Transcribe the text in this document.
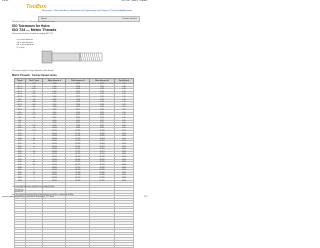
1/6/12	ISO Fits · Metric Threads
TooBox
Resources, Tools and Basic Information for Engineering and Design of Technical Applications!
Home	Custom Search
Related Topics » Dimensions of bolts & nuts
ISO Tolerances for Holes
ISO 724 — Metric Threads
Dimensions of metric threads according ISO 724
• d = major diameter
• d2 = pitch diameter
• d1 = minor diameter
• P = pitch
The basic length d = major diameter of the thread
Metric Threads - Coarse thread series
Thread	Pitch P (mm)	Major diameter d	Pitch diameter d2	Minor diameter d1	Tap drill (mm)
M 1	0.25	1.000	0.838	0.729	0.75
M 1.1	0.25	1.100	0.938	0.829	0.85
M 1.2	0.25	1.200	1.038	0.929	0.95
M 1.4	0.3	1.400	1.205	1.075	1.10
M 1.6	0.35	1.600	1.373	1.221	1.25
M 1.8	0.35	1.800	1.573	1.421	1.45
M 2	0.4	2.000	1.740	1.567	1.60
M 2.2	0.45	2.200	1.908	1.713	1.75
M 2.5	0.45	2.500	2.208	2.013	2.05
M 3	0.5	3.000	2.675	2.459	2.50
M 3.5	0.6	3.500	3.110	2.850	2.90
M 4	0.7	4.000	3.545	3.242	3.30
M 4.5	0.75	4.500	4.013	3.688	3.70
M 5	0.8	5.000	4.480	4.134	4.20
M 6	1	6.000	5.350	4.917	5.00
M 7	1	7.000	6.350	5.917	6.00
M 8	1.25	8.000	7.188	6.647	6.80
M 10	1.5	10.000	9.026	8.376	8.50
M 12	1.75	12.000	10.863	10.106	10.20
M 14	2	14.000	12.701	11.835	12.00
M 16	2	16.000	14.701	13.835	14.00
M 18	2.5	18.000	16.376	15.294	15.50
M 20	2.5	20.000	18.376	17.294	17.50
M 22	2.5	22.000	20.376	19.294	19.50
M 24	3	24.000	22.051	20.752	21.00
M 27	3	27.000	25.051	23.752	24.00
M 30	3.5	30.000	27.727	26.211	26.50
M 33	3.5	33.000	30.727	29.211	29.50
M 36	4	36.000	33.402	31.670	32.00
M 39	4	39.000	36.402	34.670	35.00
M 42	4.5	42.000	39.077	37.129	37.50
M 45	4.5	45.000	42.077	40.129	40.50
M 48	5	48.000	44.752	42.587	43.00
M 52	5	52.000	48.752	46.587	47.00
M 56	5.5	56.000	52.428	50.046	50.50
M 60	5.5	60.000	56.428	54.046	54.50
M 64	6	64.000	60.103	57.505	58.00
M 68	6	68.000	64.103	61.505	62.00

The common tolerance used for the standard bolts:
• outside 6g
• inside 6H
For the selected standard thread the tolerance and fit is commonly 6H/6g.
www.engineeringtoolbox.com/metric-threads-d_777.html	1/2
